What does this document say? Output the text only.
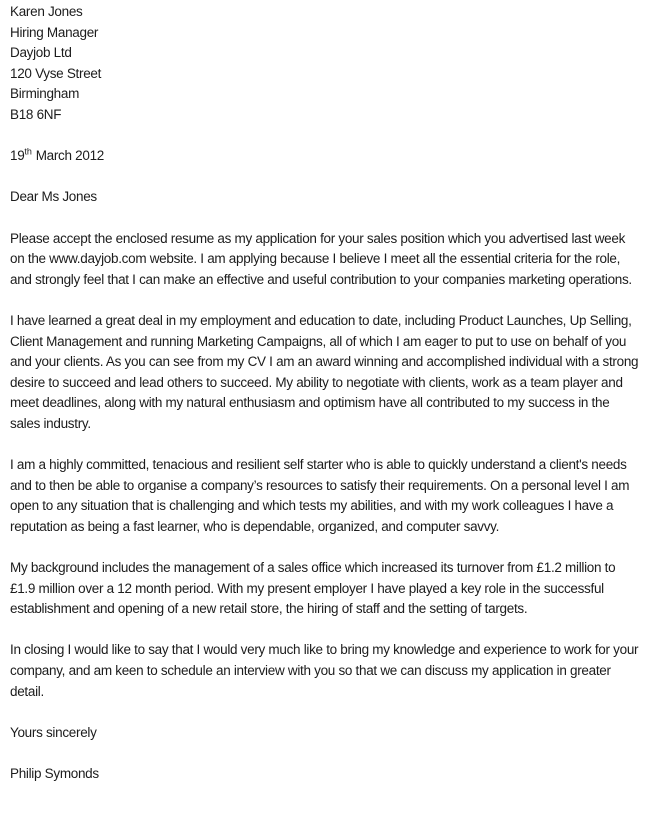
Karen Jones
Hiring Manager
Dayjob Ltd
120 Vyse Street
Birmingham
B18 6NF
19th March 2012
Dear Ms Jones

Please accept the enclosed resume as my application for your sales position which you advertised last week on the www.dayjob.com website. I am applying because I believe I meet all the essential criteria for the role, and strongly feel that I can make an effective and useful contribution to your companies marketing operations.

I have learned a great deal in my employment and education to date, including Product Launches, Up Selling, Client Management and running Marketing Campaigns, all of which I am eager to put to use on behalf of you and your clients. As you can see from my CV I am an award winning and accomplished individual with a strong desire to succeed and lead others to succeed. My ability to negotiate with clients, work as a team player and meet deadlines, along with my natural enthusiasm and optimism have all contributed to my success in the sales industry.

I am a highly committed, tenacious and resilient self starter who is able to quickly understand a client's needs and to then be able to organise a company’s resources to satisfy their requirements. On a personal level I am open to any situation that is challenging and which tests my abilities, and with my work colleagues I have a reputation as being a fast learner, who is dependable, organized, and computer savvy.

My background includes the management of a sales office which increased its turnover from £1.2 million to £1.9 million over a 12 month period. With my present employer I have played a key role in the successful establishment and opening of a new retail store, the hiring of staff and the setting of targets.

In closing I would like to say that I would very much like to bring my knowledge and experience to work for your company, and am keen to schedule an interview with you so that we can discuss my application in greater detail.

Yours sincerely
Philip Symonds
